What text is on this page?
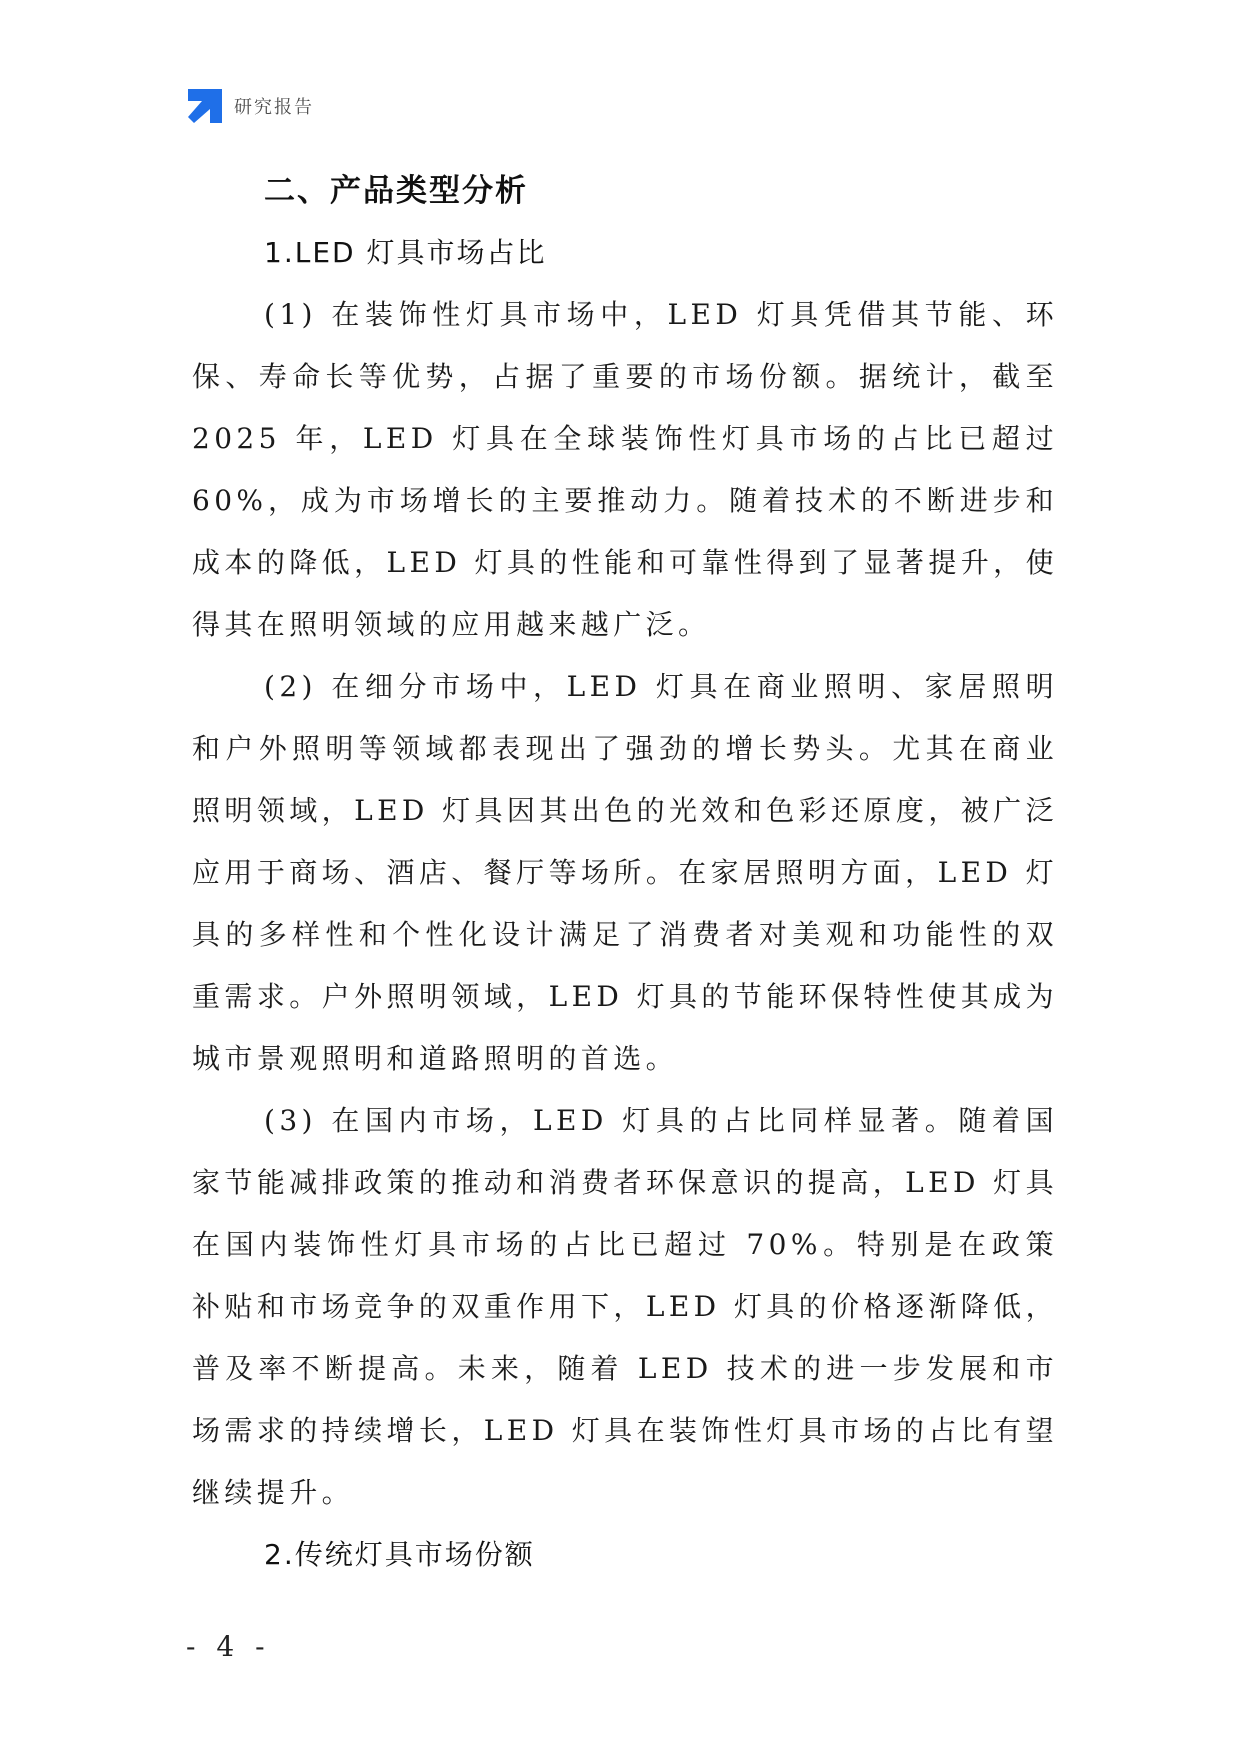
研究报告
二、产品类型分析
1.LED 灯具市场占比

(1) 在装饰性灯具市场中，LED 灯具凭借其节能、环保、寿命长等优势，占据了重要的市场份额。据统计，截至 2025 年，LED 灯具在全球装饰性灯具市场的占比已超过 60%，成为市场增长的主要推动力。随着技术的不断进步和成本的降低，LED 灯具的性能和可靠性得到了显著提升，使得其在照明领域的应用越来越广泛。

(2) 在细分市场中，LED 灯具在商业照明、家居照明和户外照明等领域都表现出了强劲的增长势头。尤其在商业照明领域，LED 灯具因其出色的光效和色彩还原度，被广泛应用于商场、酒店、餐厅等场所。在家居照明方面，LED 灯具的多样性和个性化设计满足了消费者对美观和功能性的双重需求。户外照明领域，LED 灯具的节能环保特性使其成为城市景观照明和道路照明的首选。

(3) 在国内市场，LED 灯具的占比同样显著。随着国家节能减排政策的推动和消费者环保意识的提高，LED 灯具在国内装饰性灯具市场的占比已超过 70%。特别是在政策补贴和市场竞争的双重作用下，LED 灯具的价格逐渐降低，普及率不断提高。未来，随着 LED 技术的进一步发展和市场需求的持续增长，LED 灯具在装饰性灯具市场的占比有望继续提升。

2.传统灯具市场份额
- 4 -
